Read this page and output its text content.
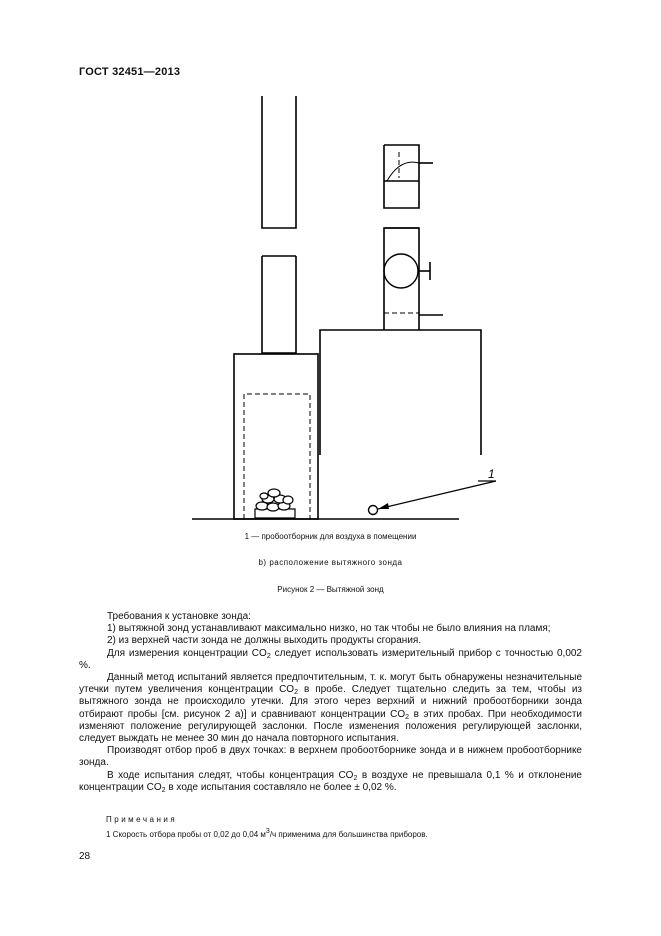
ГОСТ 32451—2013
1
1 — пробоотборник для воздуха в помещении
b) расположение вытяжного зонда
Рисунок 2 — Вытяжной зонд

Требования к установке зонда:

1) вытяжной зонд устанавливают максимально низко, но так чтобы не было влияния на пламя;

2) из верхней части зонда не должны выходить продукты сгорания.

Для измерения концентрации $CO_2$ следует использовать измерительный прибор с точностью 0,002 %.

Данный метод испытаний является предпочтительным, т. к. могут быть обнаружены незначительные утечки путем увеличения концентрации $CO_2$ в пробе. Следует тщательно следить за тем, чтобы из вытяжного зонда не происходило утечки. Для этого через верхний и нижний пробоотборники зонда отбирают пробы [см. рисунок 2 а)] и сравнивают концентрации $CO_2$ в этих пробах. При необходимости изменяют положение регулирующей заслонки. После изменения положения регулирующей заслонки, следует выждать не менее 30 мин до начала повторного испытания.

Производят отбор проб в двух точках: в верхнем пробоотборнике зонда и в нижнем пробоотборнике зонда.

В ходе испытания следят, чтобы концентрация $CO_2$ в воздухе не превышала 0,1 % и отклонение концентрации $CO_2$ в ходе испытания составляло не более ± 0,02 %.

Примечания
1 Скорость отбора пробы от 0,02 до 0,04 $м^3/ч$ применима для большинства приборов.
28
